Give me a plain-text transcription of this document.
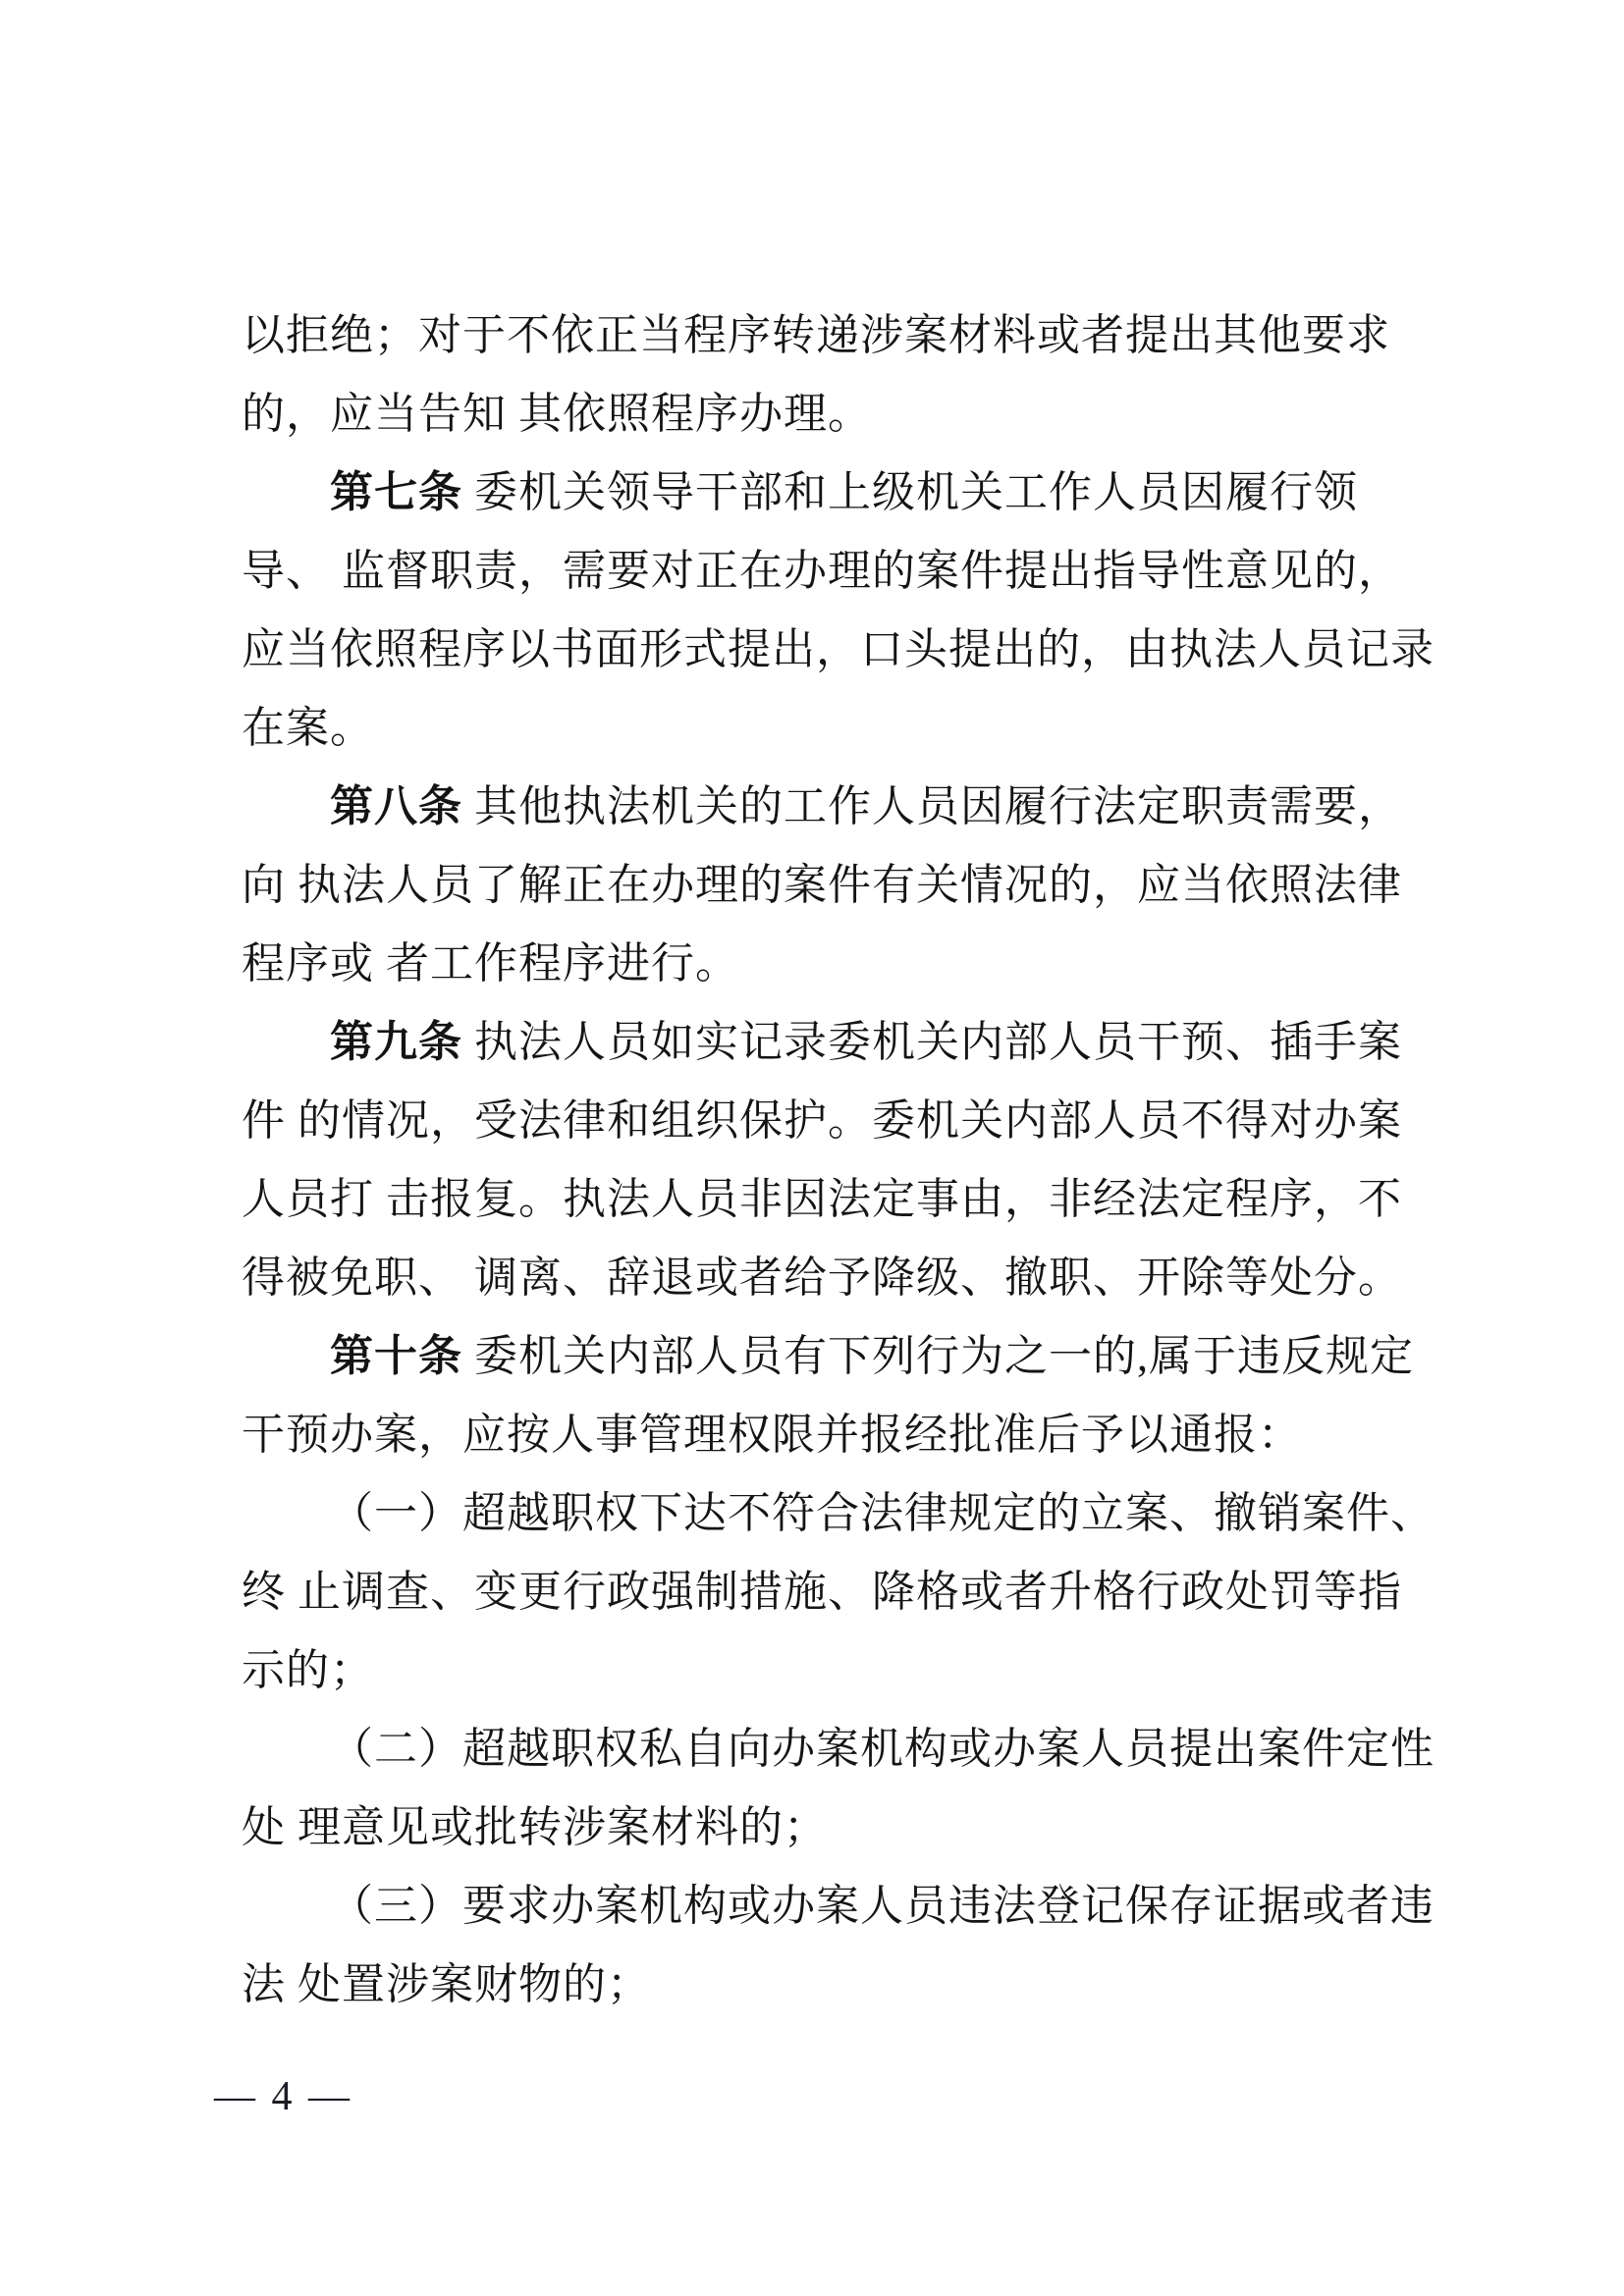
以拒绝；对于不依正当程序转递涉案材料或者提出其他要求
的，应当告知 其依照程序办理。
第七条 委机关领导干部和上级机关工作人员因履行领
导、 监督职责，需要对正在办理的案件提出指导性意见的，
应当依照程序以书面形式提出，口头提出的，由执法人员记录
在案。
第八条 其他执法机关的工作人员因履行法定职责需要，
向 执法人员了解正在办理的案件有关情况的，应当依照法律
程序或 者工作程序进行。
第九条 执法人员如实记录委机关内部人员干预、插手案
件 的情况，受法律和组织保护。委机关内部人员不得对办案
人员打 击报复。执法人员非因法定事由，非经法定程序，不
得被免职、 调离、辞退或者给予降级、撤职、开除等处分。
第十条 委机关内部人员有下列行为之一的,属于违反规定
干预办案，应按人事管理权限并报经批准后予以通报：
（一）超越职权下达不符合法律规定的立案、撤销案件、
终 止调查、变更行政强制措施、降格或者升格行政处罚等指
示的；
（二）超越职权私自向办案机构或办案人员提出案件定性
处 理意见或批转涉案材料的；
（三）要求办案机构或办案人员违法登记保存证据或者违
法 处置涉案财物的；
— 4 —
